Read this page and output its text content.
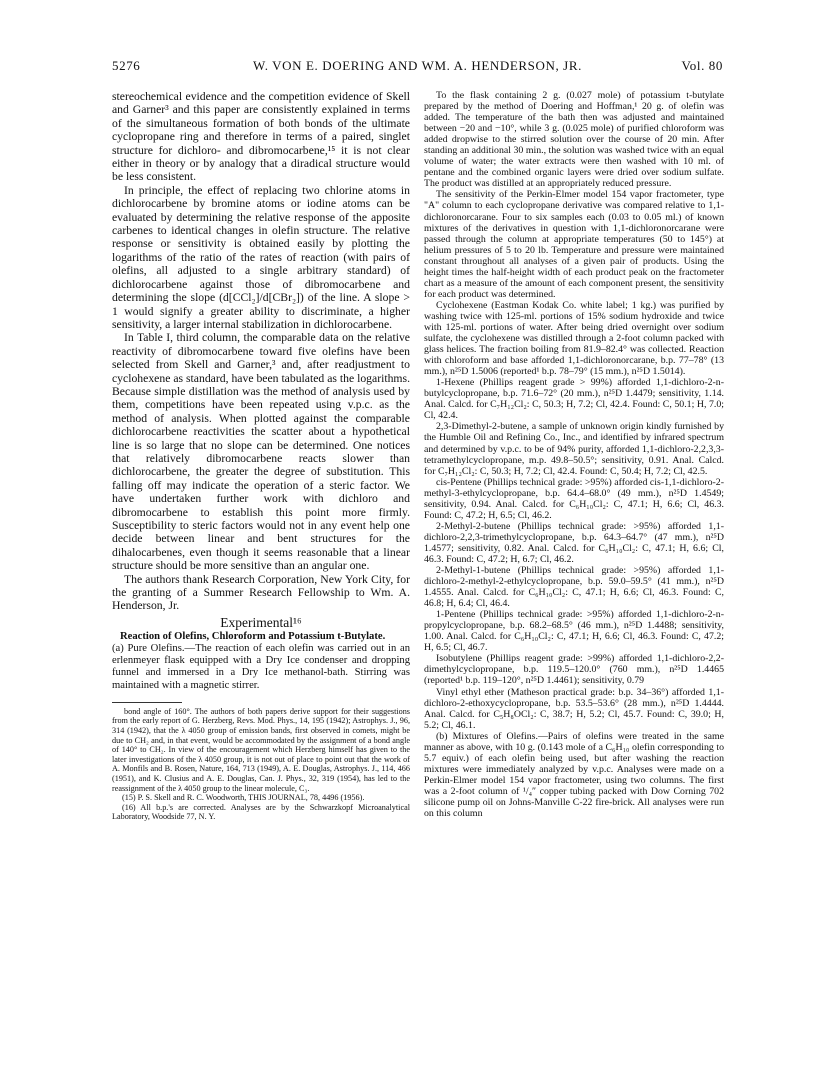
5276	W. VON E. DOERING AND WM. A. HENDERSON, JR.	Vol. 80

stereochemical evidence and the competition evidence of Skell and Garner³ and this paper are consistently explained in terms of the simultaneous formation of both bonds of the ultimate cyclopropane ring and therefore in terms of a paired, singlet structure for dichloro- and dibromocarbene,¹⁵ it is not clear either in theory or by analogy that a diradical structure would be less consistent.

In principle, the effect of replacing two chlorine atoms in dichlorocarbene by bromine atoms or iodine atoms can be evaluated by determining the relative response of the apposite carbenes to identical changes in olefin structure. The relative response or sensitivity is obtained easily by plotting the logarithms of the ratio of the rates of reaction (with pairs of olefins, all adjusted to a single arbitrary standard) of dichlorocarbene against those of dibromocarbene and determining the slope (d[CCl₂]/d[CBr₂]) of the line. A slope > 1 would signify a greater ability to discriminate, a higher sensitivity, a larger internal stabilization in dichlorocarbene.

In Table I, third column, the comparable data on the relative reactivity of dibromocarbene toward five olefins have been selected from Skell and Garner,³ and, after readjustment to cyclohexene as standard, have been tabulated as the logarithms. Because simple distillation was the method of analysis used by them, competitions have been repeated using v.p.c. as the method of analysis. When plotted against the comparable dichlorocarbene reactivities the scatter about a hypothetical line is so large that no slope can be determined. One notices that relatively dibromocarbene reacts slower than dichlorocarbene, the greater the degree of substitution. This falling off may indicate the operation of a steric factor. We have undertaken further work with dichloro and dibromocarbene to establish this point more firmly. Susceptibility to steric factors would not in any event help one decide between linear and bent structures for the dihalocarbenes, even though it seems reasonable that a linear structure should be more sensitive than an angular one.

The authors thank Research Corporation, New York City, for the granting of a Summer Research Fellowship to Wm. A. Henderson, Jr.

Experimental¹⁶

Reaction of Olefins, Chloroform and Potassium t-Butylate.

(a) Pure Olefins.—The reaction of each olefin was carried out in an erlenmeyer flask equipped with a Dry Ice condenser and dropping funnel and immersed in a Dry Ice methanol-bath. Stirring was maintained with a magnetic stirrer.

bond angle of 160°. The authors of both papers derive support for their suggestions from the early report of G. Herzberg, Revs. Mod. Phys., 14, 195 (1942); Astrophys. J., 96, 314 (1942), that the λ 4050 group of emission bands, first observed in comets, might be due to CH₂ and, in that event, would be accommodated by the assignment of a bond angle of 140° to CH₂. In view of the encouragement which Herzberg himself has given to the later investigations of the λ 4050 group, it is not out of place to point out that the work of A. Monfils and B. Rosen, Nature, 164, 713 (1949), A. E. Douglas, Astrophys. J., 114, 466 (1951), and K. Clusius and A. E. Douglas, Can. J. Phys., 32, 319 (1954), has led to the reassignment of the λ 4050 group to the linear molecule, C₃.

(15) P. S. Skell and R. C. Woodworth, THIS JOURNAL, 78, 4496 (1956).

(16) All b.p.'s are corrected. Analyses are by the Schwarzkopf Microanalytical Laboratory, Woodside 77, N. Y.

To the flask containing 2 g. (0.027 mole) of potassium t-butylate prepared by the method of Doering and Hoffman,¹ 20 g. of olefin was added. The temperature of the bath then was adjusted and maintained between −20 and −10°, while 3 g. (0.025 mole) of purified chloroform was added dropwise to the stirred solution over the course of 20 min. After standing an additional 30 min., the solution was washed twice with an equal volume of water; the water extracts were then washed with 10 ml. of pentane and the combined organic layers were dried over sodium sulfate. The product was distilled at an appropriately reduced pressure.

The sensitivity of the Perkin-Elmer model 154 vapor fractometer, type "A" column to each cyclopropane derivative was compared relative to 1,1-dichloronorcarane. Four to six samples each (0.03 to 0.05 ml.) of known mixtures of the derivatives in question with 1,1-dichloronorcarane were passed through the column at appropriate temperatures (50 to 145°) at helium pressures of 5 to 20 lb. Temperature and pressure were maintained constant throughout all analyses of a given pair of products. Using the height times the half-height width of each product peak on the fractometer chart as a measure of the amount of each component present, the sensitivity for each product was determined.

Cyclohexene (Eastman Kodak Co. white label; 1 kg.) was purified by washing twice with 125-ml. portions of 15% sodium hydroxide and twice with 125-ml. portions of water. After being dried overnight over sodium sulfate, the cyclohexene was distilled through a 2-foot column packed with glass helices. The fraction boiling from 81.9–82.4° was collected. Reaction with chloroform and base afforded 1,1-dichloronorcarane, b.p. 77–78° (13 mm.), n²⁵D 1.5006 (reported¹ b.p. 78–79° (15 mm.), n²⁵D 1.5014).

1-Hexene (Phillips reagent grade > 99%) afforded 1,1-dichloro-2-n-butylcyclopropane, b.p. 71.6–72° (20 mm.), n²⁵D 1.4479; sensitivity, 1.14. Anal. Calcd. for C₇H₁₂Cl₂: C, 50.3; H, 7.2; Cl, 42.4. Found: C, 50.1; H, 7.0; Cl, 42.4.

2,3-Dimethyl-2-butene, a sample of unknown origin kindly furnished by the Humble Oil and Refining Co., Inc., and identified by infrared spectrum and determined by v.p.c. to be of 94% purity, afforded 1,1-dichloro-2,2,3,3-tetramethylcyclopropane, m.p. 49.8–50.5°; sensitivity, 0.91. Anal. Calcd. for C₇H₁₂Cl₂: C, 50.3; H, 7.2; Cl, 42.4. Found: C, 50.4; H, 7.2; Cl, 42.5.

cis-Pentene (Phillips technical grade: >95%) afforded cis-1,1-dichloro-2-methyl-3-ethylcyclopropane, b.p. 64.4–68.0° (49 mm.), n²⁵D 1.4549; sensitivity, 0.94. Anal. Calcd. for C₆H₁₀Cl₂: C, 47.1; H, 6.6; Cl, 46.3. Found: C, 47.2; H, 6.5; Cl, 46.2.

2-Methyl-2-butene (Phillips technical grade: >95%) afforded 1,1-dichloro-2,2,3-trimethylcyclopropane, b.p. 64.3–64.7° (47 mm.), n²⁵D 1.4577; sensitivity, 0.82. Anal. Calcd. for C₆H₁₀Cl₂: C, 47.1; H, 6.6; Cl, 46.3. Found: C, 47.2; H, 6.7; Cl, 46.2.

2-Methyl-1-butene (Phillips technical grade: >95%) afforded 1,1-dichloro-2-methyl-2-ethylcyclopropane, b.p. 59.0–59.5° (41 mm.), n²⁵D 1.4555. Anal. Calcd. for C₆H₁₀Cl₂: C, 47.1; H, 6.6; Cl, 46.3. Found: C, 46.8; H, 6.4; Cl, 46.4.

1-Pentene (Phillips technical grade: >95%) afforded 1,1-dichloro-2-n-propylcyclopropane, b.p. 68.2–68.5° (46 mm.), n²⁵D 1.4488; sensitivity, 1.00. Anal. Calcd. for C₆H₁₀Cl₂: C, 47.1; H, 6.6; Cl, 46.3. Found: C, 47.2; H, 6.5; Cl, 46.7.

Isobutylene (Phillips reagent grade: >99%) afforded 1,1-dichloro-2,2-dimethylcyclopropane, b.p. 119.5–120.0° (760 mm.), n²⁵D 1.4465 (reported¹ b.p. 119–120°, n²⁵D 1.4461); sensitivity, 0.79

Vinyl ethyl ether (Matheson practical grade: b.p. 34–36°) afforded 1,1-dichloro-2-ethoxycyclopropane, b.p. 53.5–53.6° (28 mm.), n²⁵D 1.4444. Anal. Calcd. for C₅H₈OCl₂: C, 38.7; H, 5.2; Cl, 45.7. Found: C, 39.0; H, 5.2; Cl, 46.1.

(b) Mixtures of Olefins.—Pairs of olefins were treated in the same manner as above, with 10 g. (0.143 mole of a C₆H₁₀ olefin corresponding to 5.7 equiv.) of each olefin being used, but after washing the reaction mixtures were immediately analyzed by v.p.c. Analyses were made on a Perkin-Elmer model 154 vapor fractometer, using two columns. The first was a 2-foot column of ¹/₄″ copper tubing packed with Dow Corning 702 silicone pump oil on Johns-Manville C-22 fire-brick. All analyses were run on this column
